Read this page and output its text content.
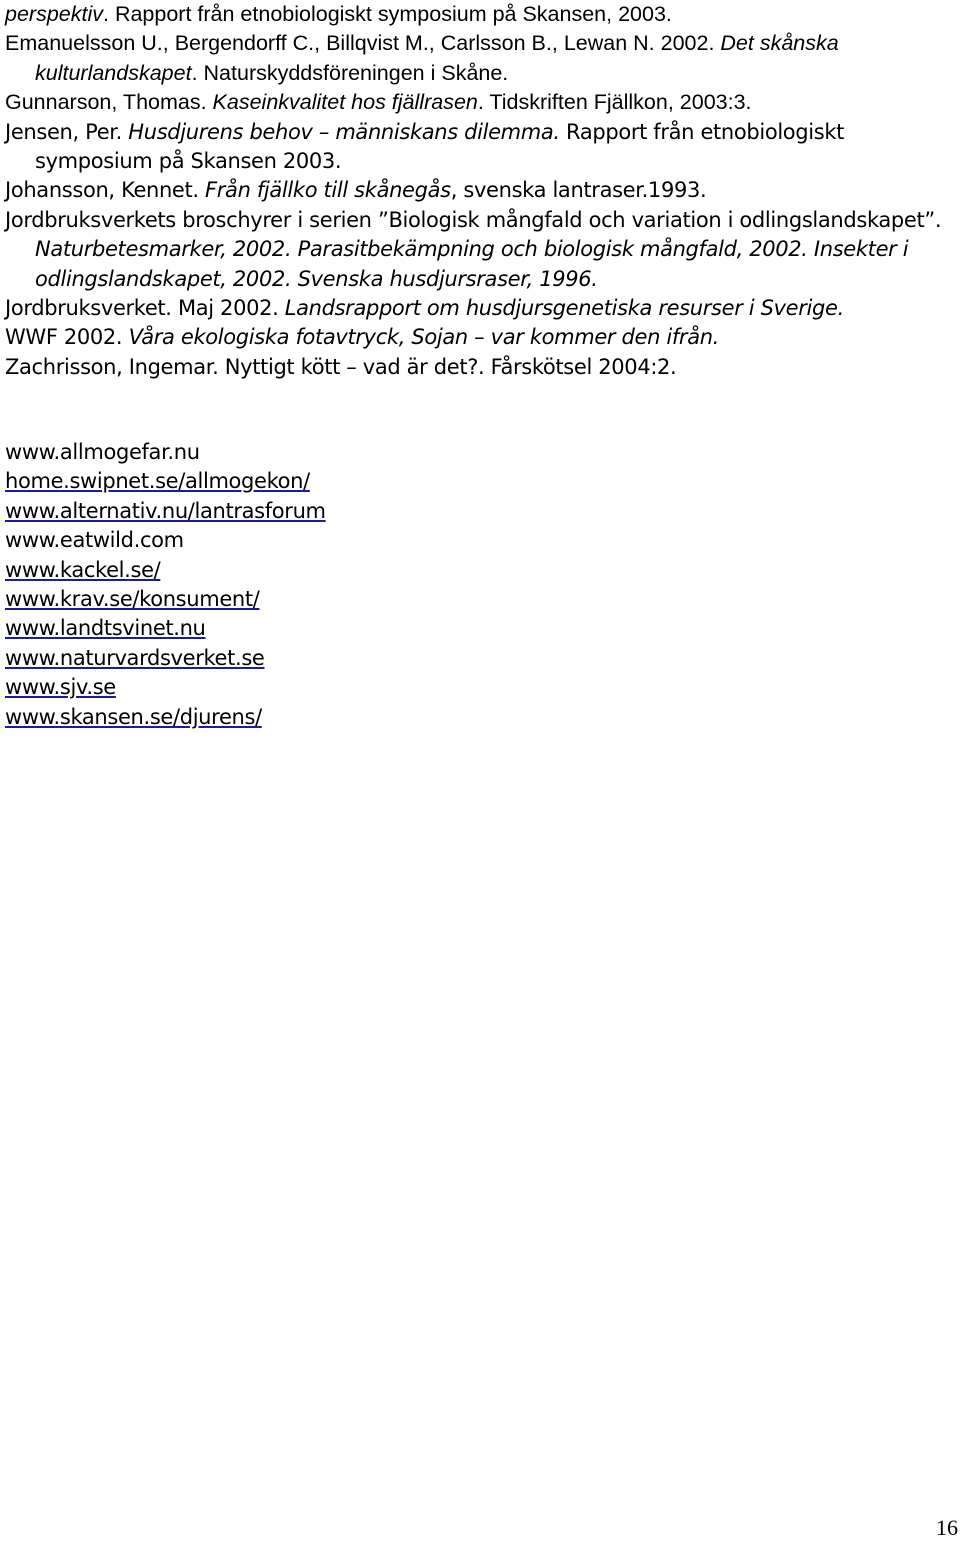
perspektiv. Rapport från etnobiologiskt symposium på Skansen, 2003.

Emanuelsson U., Bergendorff C., Billqvist M., Carlsson B., Lewan N. 2002. Det skånska kulturlandskapet. Naturskyddsföreningen i Skåne.

Gunnarson, Thomas. Kaseinkvalitet hos fjällrasen. Tidskriften Fjällkon, 2003:3.

Jensen, Per. Husdjurens behov – människans dilemma. Rapport från etnobiologiskt symposium på Skansen 2003.

Johansson, Kennet. Från fjällko till skånegås, svenska lantraser.1993.

Jordbruksverkets broschyrer i serien ”Biologisk mångfald och variation i odlingslandskapet”. Naturbetesmarker, 2002. Parasitbekämpning och biologisk mångfald, 2002. Insekter i odlingslandskapet, 2002. Svenska husdjursraser, 1996.

Jordbruksverket. Maj 2002. Landsrapport om husdjursgenetiska resurser i Sverige.

WWF 2002. Våra ekologiska fotavtryck, Sojan – var kommer den ifrån.

Zachrisson, Ingemar. Nyttigt kött – vad är det?. Fårskötsel 2004:2.

www.allmogefar.nu
home.swipnet.se/allmogekon/
www.alternativ.nu/lantrasforum
www.eatwild.com
www.kackel.se/
www.krav.se/konsument/
www.landtsvinet.nu
www.naturvardsverket.se
www.sjv.se
www.skansen.se/djurens/
16
